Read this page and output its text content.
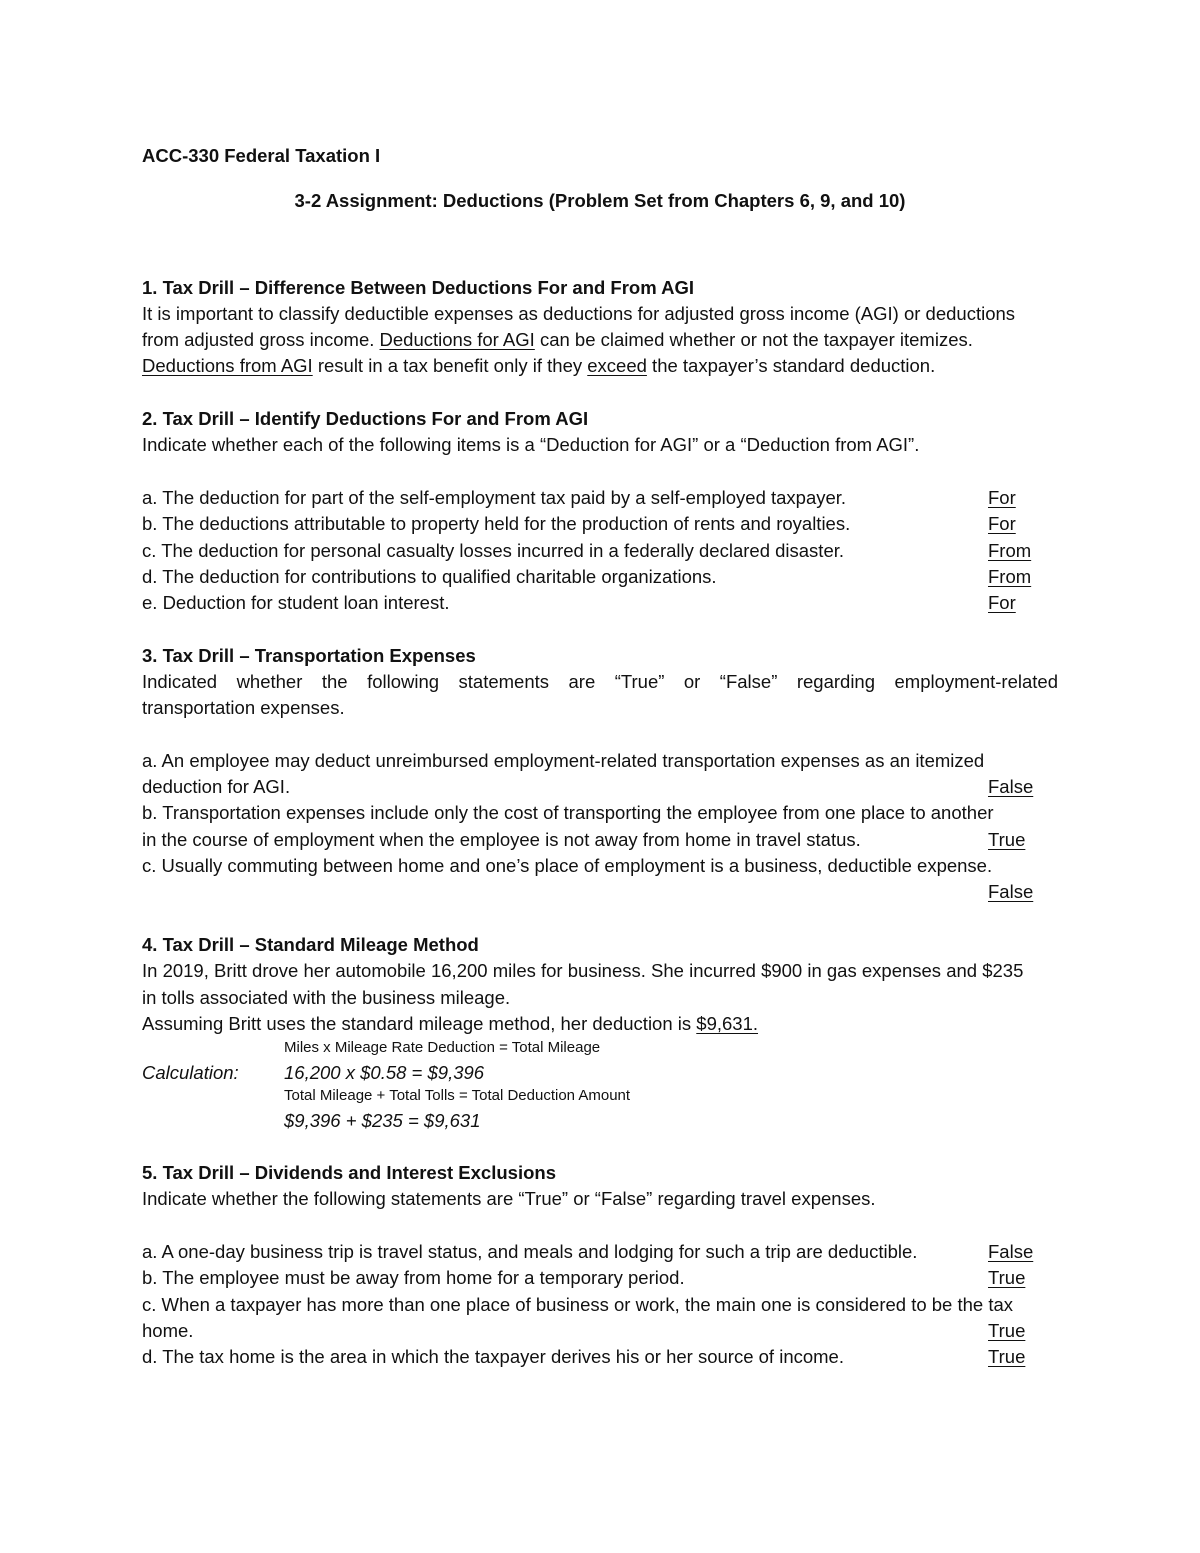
ACC-330 Federal Taxation I
3-2 Assignment: Deductions (Problem Set from Chapters 6, 9, and 10)
1. Tax Drill – Difference Between Deductions For and From AGI
It is important to classify deductible expenses as deductions for adjusted gross income (AGI) or deductions
from adjusted gross income. Deductions for AGI can be claimed whether or not the taxpayer itemizes.
Deductions from AGI result in a tax benefit only if they exceed the taxpayer’s standard deduction.
2. Tax Drill – Identify Deductions For and From AGI
Indicate whether each of the following items is a “Deduction for AGI” or a “Deduction from AGI”.
a. The deduction for part of the self-employment tax paid by a self-employed taxpayer.	For
b. The deductions attributable to property held for the production of rents and royalties.	For
c. The deduction for personal casualty losses incurred in a federally declared disaster.	From
d. The deduction for contributions to qualified charitable organizations.	From
e. Deduction for student loan interest.	For
3. Tax Drill – Transportation Expenses
Indicated whether the following statements are “True” or “False” regarding employment-related
transportation expenses.
a. An employee may deduct unreimbursed employment-related transportation expenses as an itemized
deduction for AGI.	False
b. Transportation expenses include only the cost of transporting the employee from one place to another
in the course of employment when the employee is not away from home in travel status.	True
c. Usually commuting between home and one’s place of employment is a business, deductible expense.
False
4. Tax Drill – Standard Mileage Method
In 2019, Britt drove her automobile 16,200 miles for business. She incurred $900 in gas expenses and $235
in tolls associated with the business mileage.
Assuming Britt uses the standard mileage method, her deduction is $9,631.
Miles x Mileage Rate Deduction = Total Mileage
Calculation: 16,200 x $0.58 = $9,396
Total Mileage + Total Tolls = Total Deduction Amount
$9,396 + $235 = $9,631
5. Tax Drill – Dividends and Interest Exclusions
Indicate whether the following statements are “True” or “False” regarding travel expenses.
a. A one-day business trip is travel status, and meals and lodging for such a trip are deductible.	False
b. The employee must be away from home for a temporary period.	True
c. When a taxpayer has more than one place of business or work, the main one is considered to be the tax
home.	True
d. The tax home is the area in which the taxpayer derives his or her source of income.	True
